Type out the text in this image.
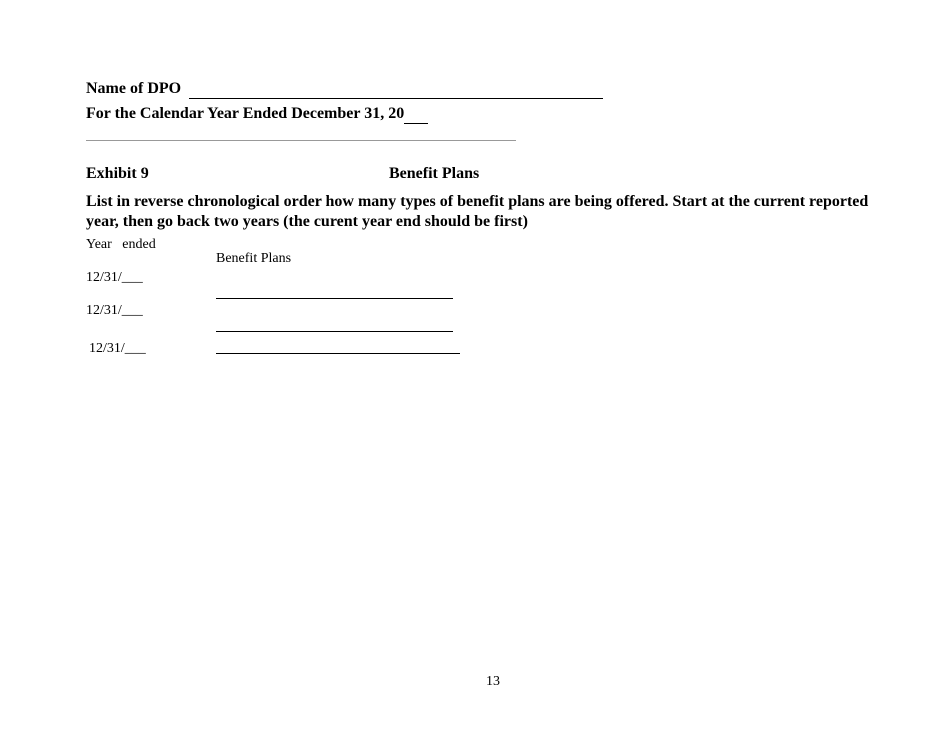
Name of DPO
For the Calendar Year Ended December 31, 20
Exhibit 9	Benefit Plans
List in reverse chronological order how many types of benefit plans are being offered. Start at the current reported
year, then go back two years (the curent year end should be first)
Year   ended
Benefit Plans
12/31/___
12/31/___
12/31/___
13
